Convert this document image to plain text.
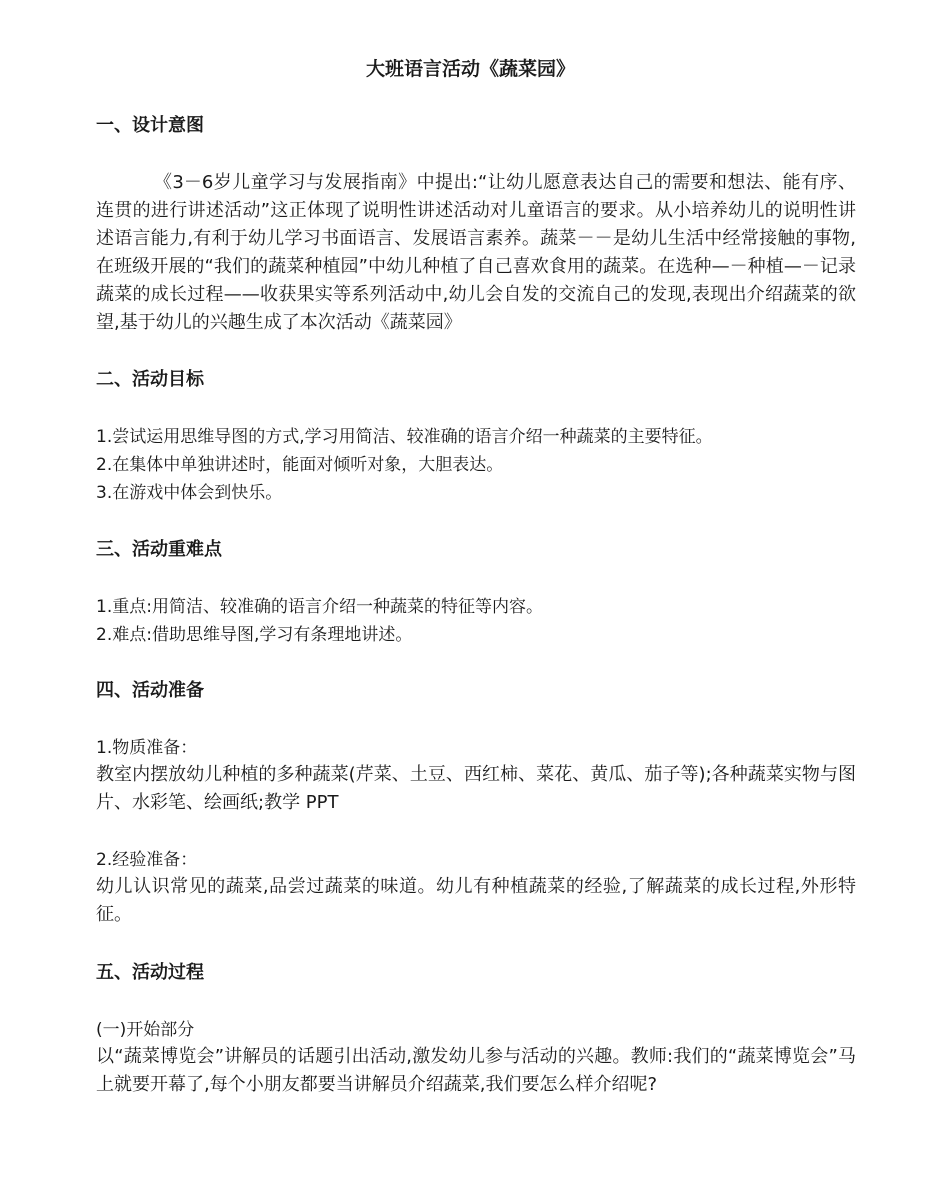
大班语言活动《蔬菜园》
一、设计意图

《3－6岁儿童学习与发展指南》中提出:“让幼儿愿意表达自己的需要和想法、能有序、连贯的进行讲述活动”这正体现了说明性讲述活动对儿童语言的要求。从小培养幼儿的说明性讲述语言能力,有利于幼儿学习书面语言、发展语言素养。蔬菜－－是幼儿生活中经常接触的事物,在班级开展的“我们的蔬菜种植园”中幼儿种植了自己喜欢食用的蔬菜。在选种—－种植—－记录蔬菜的成长过程——收获果实等系列活动中,幼儿会自发的交流自己的发现,表现出介绍蔬菜的欲望,基于幼儿的兴趣生成了本次活动《蔬菜园》

二、活动目标
1.尝试运用思维导图的方式,学习用简洁、较准确的语言介绍一种蔬菜的主要特征。
2.在集体中单独讲述时，能面对倾听对象，大胆表达。
3.在游戏中体会到快乐。
三、活动重难点
1.重点:用简洁、较准确的语言介绍一种蔬菜的特征等内容。
2.难点:借助思维导图,学习有条理地讲述。
四、活动准备
1.物质准备：

教室内摆放幼儿种植的多种蔬菜(芹菜、土豆、西红柿、菜花、黄瓜、茄子等);各种蔬菜实物与图片、水彩笔、绘画纸;教学 PPT

2.经验准备：

幼儿认识常见的蔬菜,品尝过蔬菜的味道。幼儿有种植蔬菜的经验,了解蔬菜的成长过程,外形特征。

五、活动过程
(一)开始部分

以“蔬菜博览会”讲解员的话题引出活动,激发幼儿参与活动的兴趣。教师:我们的“蔬菜博览会”马上就要开幕了,每个小朋友都要当讲解员介绍蔬菜,我们要怎么样介绍呢?
